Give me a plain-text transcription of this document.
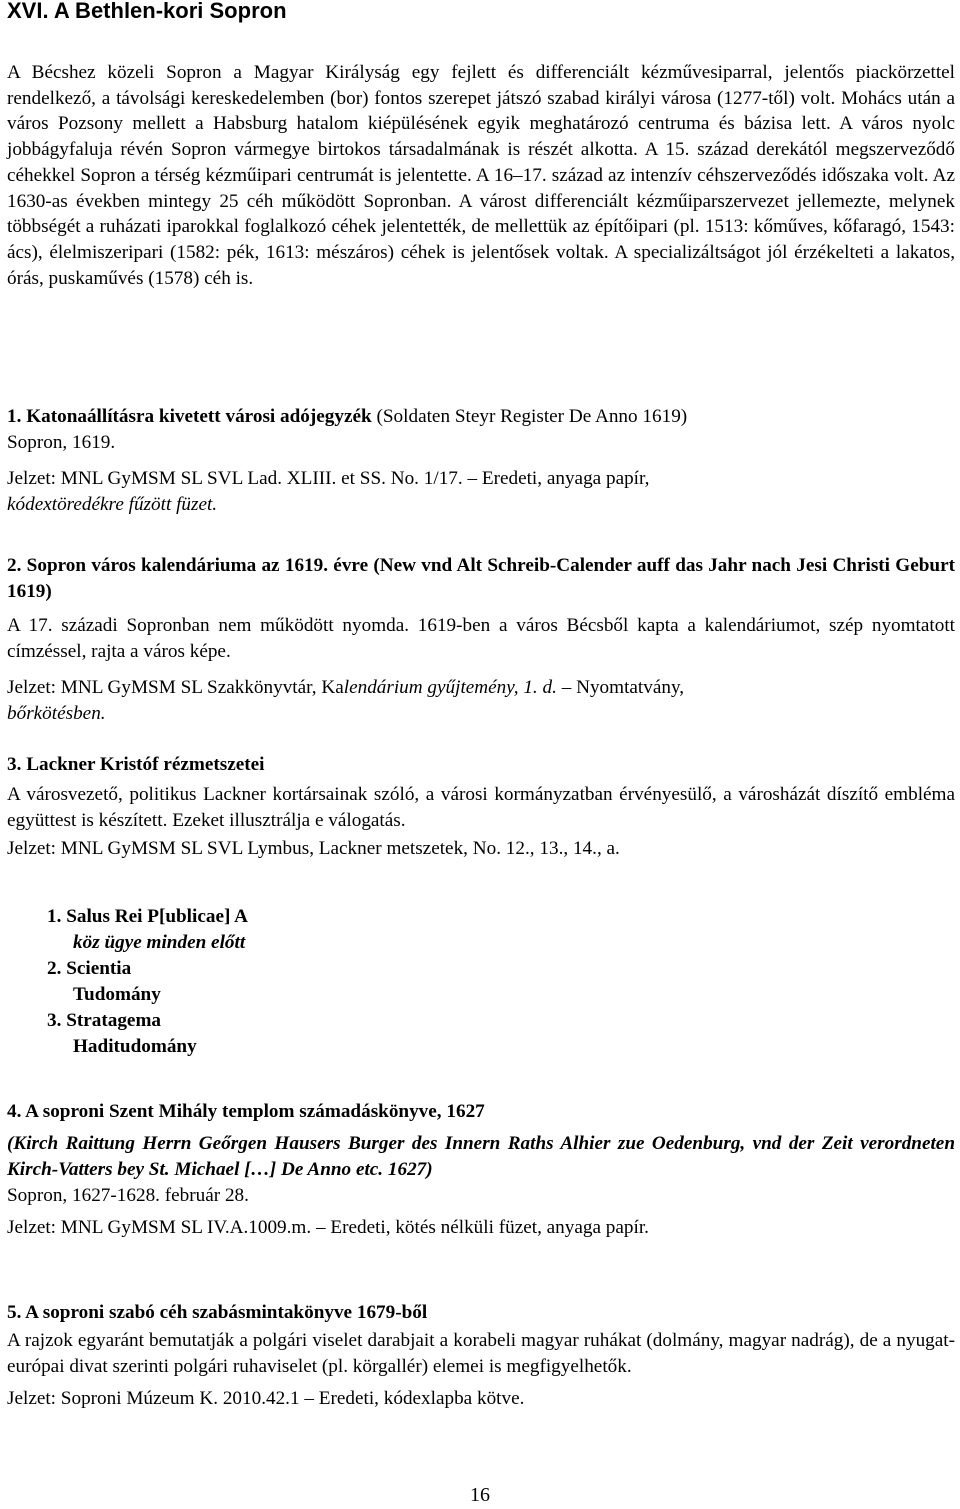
XVI. A Bethlen-kori Sopron

A Bécshez közeli Sopron a Magyar Királyság egy fejlett és differenciált kézművesiparral, jelentős piackörzettel rendelkező, a távolsági kereskedelemben (bor) fontos szerepet játszó szabad királyi városa (1277-től) volt. Mohács után a város Pozsony mellett a Habsburg hatalom kiépülésének egyik meghatározó centruma és bázisa lett. A város nyolc jobbágyfaluja révén Sopron vármegye birtokos társadalmának is részét alkotta. A 15. század derekától megszerveződő céhekkel Sopron a térség kézműipari centrumát is jelentette. A 16–17. század az intenzív céhszerveződés időszaka volt. Az 1630-as években mintegy 25 céh működött Sopronban. A várost differenciált kézműiparszervezet jellemezte, melynek többségét a ruházati iparokkal foglalkozó céhek jelentették, de mellettük az építőipari (pl. 1513: kőműves, kőfaragó, 1543: ács), élelmiszeripari (1582: pék, 1613: mészáros) céhek is jelentősek voltak. A specializáltságot jól érzékelteti a lakatos, órás, puskaművés (1578) céh is.

1. Katonaállításra kivetett városi adójegyzék (Soldaten Steyr Register De Anno 1619)

Sopron, 1619.

Jelzet: MNL GyMSM SL SVL Lad. XLIII. et SS. No. 1/17. – Eredeti, anyaga papír,
kódextöredékre fűzött füzet.

2. Sopron város kalendáriuma az 1619. évre (New vnd Alt Schreib-Calender auff das Jahr nach Jesi Christi Geburt 1619)

A 17. századi Sopronban nem működött nyomda. 1619-ben a város Bécsből kapta a kalendáriumot, szép nyomtatott címzéssel, rajta a város képe.

Jelzet: MNL GyMSM SL Szakkönyvtár, Kalendárium gyűjtemény, 1. d. – Nyomtatvány,
bőrkötésben.

3. Lackner Kristóf rézmetszetei

A városvezető, politikus Lackner kortársainak szóló, a városi kormányzatban érvényesülő, a városházát díszítő embléma együttest is készített. Ezeket illusztrálja e válogatás.

Jelzet: MNL GyMSM SL SVL Lymbus, Lackner metszetek, No. 12., 13., 14., a.

1. Salus Rei P[ublicae] A
köz ügye minden előtt
2. Scientia
Tudomány
3. Stratagema
Haditudomány

4. A soproni Szent Mihály templom számadáskönyve, 1627

(Kirch Raittung Herrn Geőrgen Hausers Burger des Innern Raths Alhier zue Oedenburg, vnd der Zeit verordneten Kirch-Vatters bey St. Michael […] De Anno etc. 1627)

Sopron, 1627-1628. február 28.

Jelzet: MNL GyMSM SL IV.A.1009.m. – Eredeti, kötés nélküli füzet, anyaga papír.

5. A soproni szabó céh szabásmintakönyve 1679-ből

A rajzok egyaránt bemutatják a polgári viselet darabjait a korabeli magyar ruhákat (dolmány, magyar nadrág), de a nyugat-európai divat szerinti polgári ruhaviselet (pl. körgallér) elemei is megfigyelhetők.

Jelzet: Soproni Múzeum K. 2010.42.1 – Eredeti, kódexlapba kötve.

16
